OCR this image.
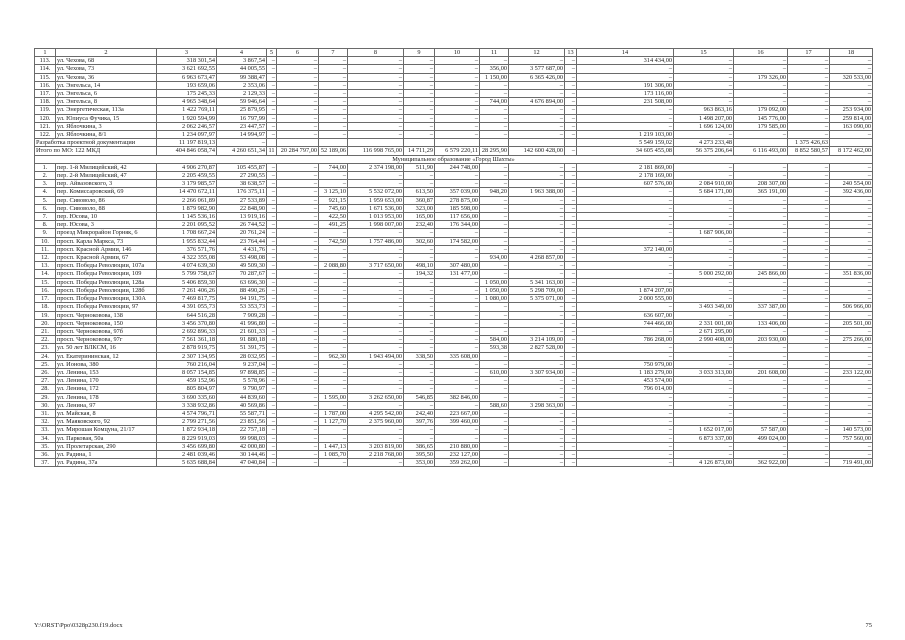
1	2	3	4	5	6	7	8	9	10	11	12	13	14	15	16	17	18
113.	ул. Чехова, 68	318 301,54	3 867,54	–	–	–	–	–	–	–	–	–	314 434,00	–	–	–	–
114.	ул. Чехова, 73	3 621 692,55	44 005,55	–	–	–	–	–	–	356,00	3 577 687,00	–	–	–	–	–	–
115.	ул. Чехова, 36	6 963 673,47	99 388,47	–	–	–	–	–	–	1 150,00	6 365 426,00	–	–	–	179 326,00	–	320 533,00
116.	ул. Энгельса, 14	193 659,06	2 353,06	–	–	–	–	–	–	–	–	–	191 306,00	–	–	–	–
117.	ул. Энгельса, 6	175 245,33	2 129,33	–	–	–	–	–	–	–	–	–	173 116,00	–	–	–	–
118.	ул. Энгельса, 8	4 965 348,64	59 946,64	–	–	–	–	–	–	744,00	4 676 894,00	–	231 508,00	–	–	–	–
119.	ул. Энергетическая, 113а	1 422 769,11	25 879,95	–	–	–	–	–	–	–	–	–	–	963 863,16	179 092,00	–	253 934,00
120.	ул. Юлиуса Фучика, 15	1 920 594,99	16 797,99	–	–	–	–	–	–	–	–	–	–	1 498 207,00	145 776,00	–	259 814,00
121.	ул. Яблочкина, 3	2 062 246,57	23 447,57	–	–	–	–	–	–	–	–	–	–	1 696 124,00	179 585,00	–	163 090,00
122.	ул. Яблочкина, 8/1	1 234 097,97	14 994,97	–	–	–	–	–	–	–	–	–	1 219 103,00	–	–	–	–
Разработка проектной документации		11 197 819,13	–										5 549 159,02	4 273 233,48		1 375 426,63	
Итого по МО: 122 МКД		404 846 058,74	4 260 651,34	11	20 284 797,00	52 189,06	116 998 765,00	14 711,29	6 579 220,11	28 295,90	142 600 428,00	–	34 605 455,08	56 375 206,64	6 116 493,00	8 852 580,57	8 172 462,00
Муниципальное образование «Город Шахты»																	
1.	пер. 1-й Милицейский, 42	4 906 270,87	105 455,87	–	–	744,00	2 374 198,00	511,90	244 748,00	–	–	–	2 181 869,00	–	–	–	–
2.	пер. 2-й Милицейский, 47	2 205 459,55	27 290,55	–	–	–	–	–	–	–	–	–	2 178 169,00	–	–	–	–
3.	пер. Айвазовского, 3	3 179 985,57	38 638,57	–	–	–	–	–	–	–	–	–	607 576,00	2 084 910,00	208 307,00	–	240 554,00
4.	пер. Комиссаровский, 69	14 470 672,11	176 375,11	–	–	3 125,10	5 532 072,00	613,50	357 039,00	948,20	1 963 388,00	–	–	5 684 171,00	365 191,00	–	392 436,00
5.	пер. Сивоволо, 86	2 266 061,89	27 533,89	–	–	921,15	1 959 653,00	360,87	278 875,00	–	–	–	–	–	–	–	–
6.	пер. Сивоволо, 88	1 879 982,90	22 848,90	–	–	745,60	1 671 536,00	323,00	185 598,00	–	–	–	–	–	–	–	–
7.	пер. Юсова, 10	1 145 536,16	13 919,16	–	–	422,50	1 013 953,00	165,00	117 656,00	–	–	–	–	–	–	–	–
8.	пер. Юсова, 3	2 201 095,52	26 744,52	–	–	491,25	1 998 007,00	232,40	176 344,00	–	–	–	–	–	–	–	–
9.	проезд Микрорайон Горняк, 6	1 708 667,24	20 761,24	–	–	–	–	–	–	–	–	–	–	1 687 906,00	–	–	–
10.	просп. Карла Маркса, 73	1 955 832,44	23 764,44	–	–	742,50	1 757 486,00	302,60	174 582,00	–	–	–	–	–	–	–	–
11.	просп. Красной Армии, 146	376 571,76	4 431,76	–	–	–	–	–	–	–	–	–	372 140,00	–	–	–	–
12.	просп. Красной Армии, 67	4 322 355,08	53 498,08	–	–	–	–	–	–	934,00	4 268 857,00	–	–	–	–	–	–
13.	просп. Победы Революции, 107а	4 074 639,30	49 509,30	–	–	2 088,80	3 717 650,00	498,10	307 480,00	–	–	–	–	–	–	–	–
14.	просп. Победы Революции, 109	5 799 758,67	70 287,67	–	–	–	–	194,32	131 477,00	–	–	–	–	5 000 292,00	245 866,00	–	351 836,00
15.	просп. Победы Революции, 128а	5 406 859,30	63 696,30	–	–	–	–	–	–	1 050,00	5 341 163,00	–	–	–	–	–	–
16.	просп. Победы Революции, 128б	7 261 406,26	88 490,26	–	–	–	–	–	–	1 050,00	5 298 709,00	–	1 874 207,00	–	–	–	–
17.	просп. Победы Революции, 130А	7 469 817,75	94 191,75	–	–	–	–	–	–	1 080,00	5 375 071,00	–	2 000 555,00	–	–	–	–
18.	просп. Победы Революции, 97	4 391 055,73	53 353,73	–	–	–	–	–	–	–	–	–	–	3 493 349,00	337 387,00	–	506 966,00
19.	просп. Черноковова, 138	644 516,28	7 909,28	–	–	–	–	–	–	–	–	–	636 607,00	–	–	–	–
20.	просп. Черноковова, 150	3 456 370,80	41 996,80	–	–	–	–	–	–	–	–	–	744 466,00	2 331 001,00	133 406,00	–	205 501,00
21.	просп. Черноковова, 97б	2 692 896,33	21 601,33	–	–	–	–	–	–	–	–	–	–	2 671 295,00	–	–	–
22.	просп. Черноковова, 97г	7 561 361,18	91 880,18	–	–	–	–	–	–	584,00	3 214 109,00	–	786 268,00	2 990 408,00	203 930,00	–	275 266,00
23.	ул. 50 лет ВЛКСМ, 16	2 878 919,75	51 391,75	–	–	–	–	–	–	593,38	2 827 528,00	–	–	–	–	–	–
24.	ул. Екатерининская, 12	2 307 134,95	28 032,95	–	–	962,30	1 943 494,00	338,50	335 608,00	–	–	–	–	–	–	–	–
25.	ул. Ионова, 380	760 216,04	9 237,04	–	–	–	–	–	–	–	–	–	750 979,00	–	–	–	–
26.	ул. Ленина, 153	8 057 154,85	97 898,85	–	–	–	–	–	–	610,00	3 307 934,00	–	1 183 279,00	3 033 313,00	201 608,00	–	233 122,00
27.	ул. Ленина, 170	459 152,96	5 578,96	–	–	–	–	–	–	–	–	–	453 574,00	–	–	–	–
28.	ул. Ленина, 172	805 804,97	9 790,97	–	–	–	–	–	–	–	–	–	796 014,00	–	–	–	–
29.	ул. Ленина, 178	3 690 335,60	44 839,60	–	–	1 595,00	3 262 650,00	546,85	382 846,00	–	–	–	–	–	–	–	–
30.	ул. Ленина, 97	3 338 932,86	40 569,86	–	–	–	–	–	–	588,60	3 298 363,00	–	–	–	–	–	–
31.	ул. Майская, 8	4 574 796,71	55 587,71	–	–	1 787,00	4 295 542,00	242,40	223 667,00	–	–	–	–	–	–	–	–
32.	ул. Маяковского, 92	2 799 271,56	23 851,56	–	–	1 127,70	2 375 960,00	397,76	399 460,00	–	–	–	–	–	–	–	–
33.	ул. Мирошая Комцуна, 21/17	1 872 934,18	22 757,18	–	–	–	–	–	–	–	–	–	–	1 652 017,00	57 587,00	–	140 573,00
34.	ул. Парковая, 50а	8 229 919,03	99 998,03	–	–	–	–	–	–	–	–	–	–	6 873 337,00	499 024,00	–	757 560,00
35.	ул. Пролетарская, 290	3 456 699,80	42 000,80	–	–	1 447,13	3 203 819,00	386,65	210 880,00	–	–	–	–	–	–	–	–
36.	ул. Радина, 1	2 481 039,46	30 144,46	–	–	1 085,70	2 218 768,00	395,50	232 127,00	–	–	–	–	–	–	–	–
37.	ул. Радина, 37а	5 635 688,84	47 040,84	–	–	–	–	353,00	359 262,00	–	–	–	–	4 126 873,00	362 922,00	–	719 491,00
Y:\ORST\Ppo\0328p230.f19.docx	75
